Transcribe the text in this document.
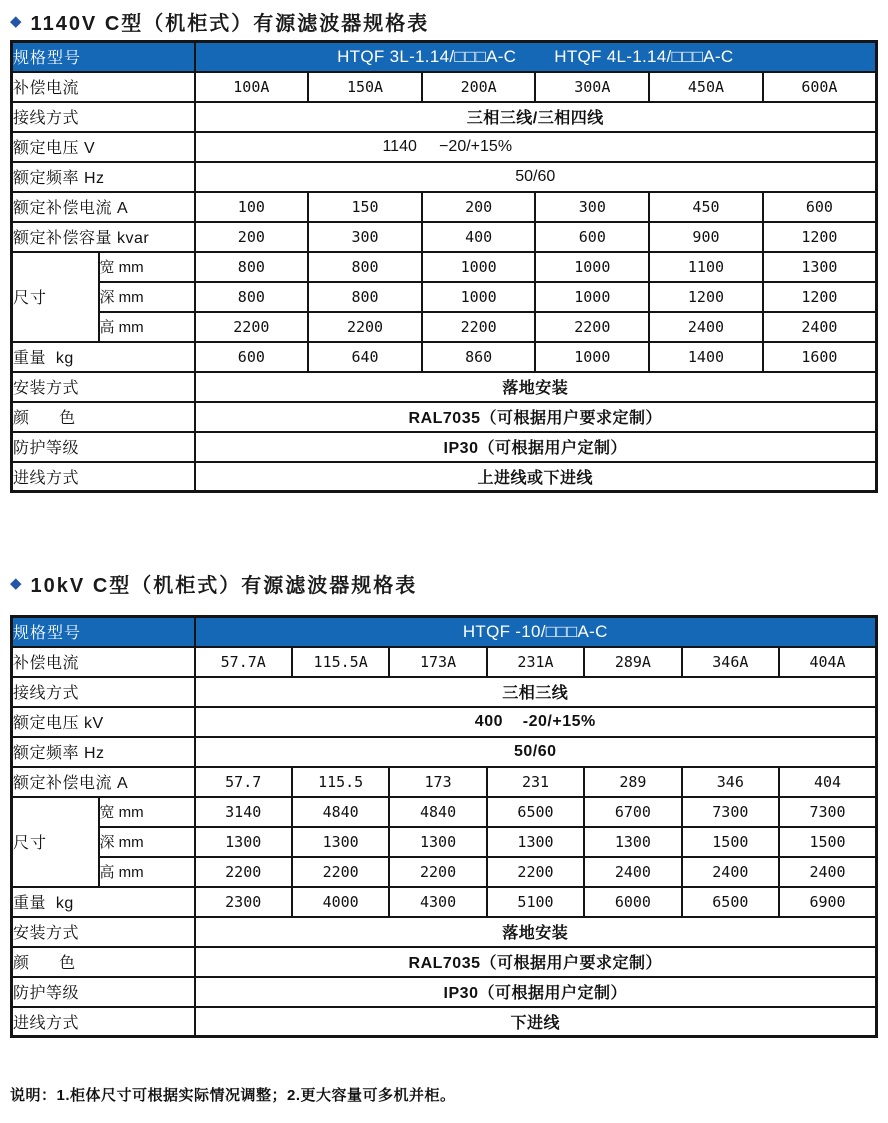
◆ 1140V C型（机柜式）有源滤波器规格表
规格型号		HTQF 3L-1.14/□□□A-C HTQF 4L-1.14/□□□A-C					

补偿电流		100A	150A	200A	300A	450A	600A
接线方式		三相三线/三相四线					
额定电压 V		1140     −20/+15%					
额定频率 Hz		50/60					
额定补偿电流 A		100	150	200	300	450	600
额定补偿容量 kvar		200	300	400	600	900	1200
尺寸	宽 mm	800	800	1000	1000	1100	1300
	深 mm	800	800	1000	1000	1200	1200
	高 mm	2200	2200	2200	2200	2400	2400
重量  kg		600	640	860	1000	1400	1600
安装方式		落地安装					
颜      色		RAL7035（可根据用户要求定制）					
防护等级		IP30（可根据用户定制）					
进线方式		上进线或下进线					
◆ 10kV C型（机柜式）有源滤波器规格表
规格型号		HTQF -10/□□□A-C						

补偿电流		57.7A	115.5A	173A	231A	289A	346A	404A
接线方式		三相三线						
额定电压 kV		400    -20/+15%						
额定频率 Hz		50/60						
额定补偿电流 A		57.7	115.5	173	231	289	346	404
尺寸	宽 mm	3140	4840	4840	6500	6700	7300	7300
	深 mm	1300	1300	1300	1300	1300	1500	1500
	高 mm	2200	2200	2200	2200	2400	2400	2400
重量  kg		2300	4000	4300	5100	6000	6500	6900
安装方式		落地安装						
颜      色		RAL7035（可根据用户要求定制）						
防护等级		IP30（可根据用户定制）						
进线方式		下进线						
说明：1.柜体尺寸可根据实际情况调整；2.更大容量可多机并柜。
